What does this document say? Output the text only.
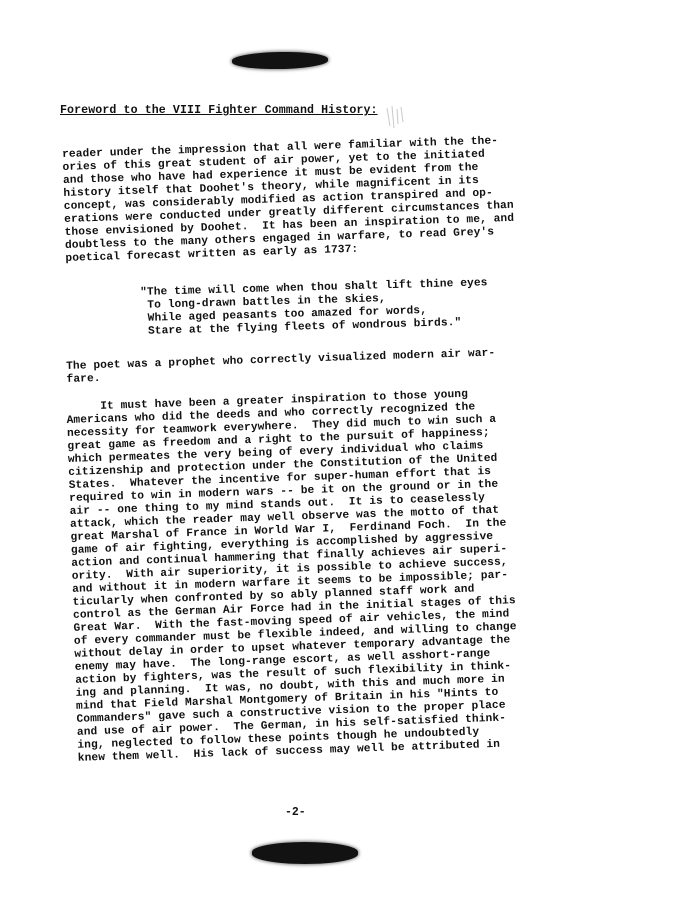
Foreword to the VIII Fighter Command History:
reader under the impression that all were familiar with the the-
ories of this great student of air power, yet to the initiated
and those who have had experience it must be evident from the
history itself that Doohet's theory, while magnificent in its
concept, was considerably modified as action transpired and op-
erations were conducted under greatly different circumstances than
those envisioned by Doohet.  It has been an inspiration to me, and
doubtless to the many others engaged in warfare, to read Grey's
poetical forecast written as early as 1737:
"The time will come when thou shalt lift thine eyes
To long-drawn battles in the skies,
While aged peasants too amazed for words,
Stare at the flying fleets of wondrous birds."
The poet was a prophet who correctly visualized modern air war-
fare.
It must have been a greater inspiration to those young
Americans who did the deeds and who correctly recognized the
necessity for teamwork everywhere.  They did much to win such a
great game as freedom and a right to the pursuit of happiness;
which permeates the very being of every individual who claims
citizenship and protection under the Constitution of the United
States.  Whatever the incentive for super-human effort that is
required to win in modern wars -- be it on the ground or in the
air -- one thing to my mind stands out.  It is to ceaselessly
attack, which the reader may well observe was the motto of that
great Marshal of France in World War I,  Ferdinand Foch.  In the
game of air fighting, everything is accomplished by aggressive
action and continual hammering that finally achieves air superi-
ority.  With air superiority, it is possible to achieve success,
and without it in modern warfare it seems to be impossible; par-
ticularly when confronted by so ably planned staff work and
control as the German Air Force had in the initial stages of this
Great War.  With the fast-moving speed of air vehicles, the mind
of every commander must be flexible indeed, and willing to change
without delay in order to upset whatever temporary advantage the
enemy may have.  The long-range escort, as well asshort-range
action by fighters, was the result of such flexibility in think-
ing and planning.  It was, no doubt, with this and much more in
mind that Field Marshal Montgomery of Britain in his "Hints to
Commanders" gave such a constructive vision to the proper place
and use of air power.  The German, in his self-satisfied think-
ing, neglected to follow these points though he undoubtedly
knew them well.  His lack of success may well be attributed in
-2-
